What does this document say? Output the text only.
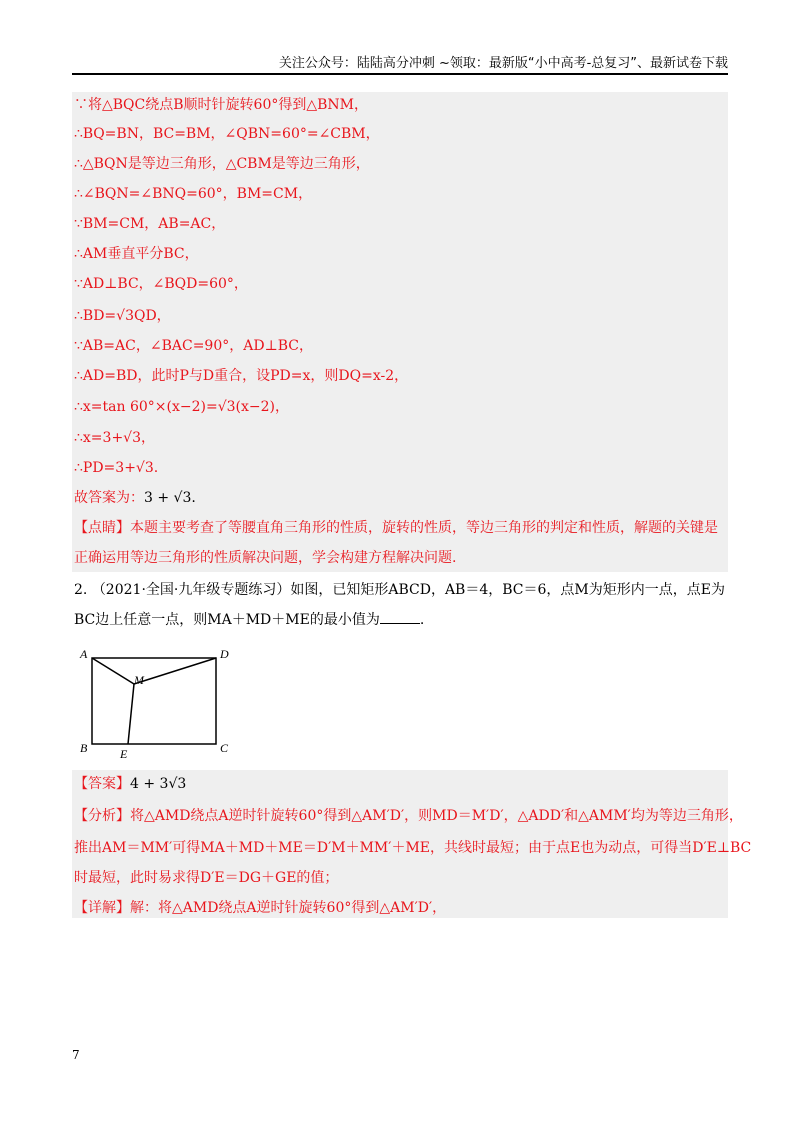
关注公众号：陆陆高分冲刺 ~领取：最新版“小中高考-总复习”、最新试卷下载
∵将△BQC绕点B顺时针旋转60°得到△BNM，
∴BQ=BN，BC=BM，∠QBN=60°=∠CBM，
∴△BQN是等边三角形，△CBM是等边三角形，
∴∠BQN=∠BNQ=60°，BM=CM，
∵BM=CM，AB=AC，
∴AM垂直平分BC，
∵AD⊥BC，∠BQD=60°，
∴BD=√3QD，
∵AB=AC，∠BAC=90°，AD⊥BC，
∴AD=BD，此时P与D重合，设PD=x，则DQ=x-2，
∴x=tan 60°×(x−2)=√3(x−2)，
∴x=3+√3，
∴PD=3+√3.
故答案为：3 + √3.
【点睛】本题主要考查了等腰直角三角形的性质，旋转的性质，等边三角形的判定和性质，解题的关键是
正确运用等边三角形的性质解决问题，学会构建方程解决问题.
2. （2021·全国·九年级专题练习）如图，已知矩形ABCD，AB＝4，BC＝6，点M为矩形内一点，点E为
BC边上任意一点，则MA＋MD＋ME的最小值为	.
A	D
M
B	C
E
【答案】4 + 3√3
【分析】将△AMD绕点A逆时针旋转60°得到△AM′D′，则MD＝M′D′，△ADD′和△AMM′均为等边三角形，
推出AM＝MM′可得MA＋MD＋ME＝D′M＋MM′＋ME，共线时最短；由于点E也为动点，可得当D′E⊥BC
时最短，此时易求得D′E＝DG＋GE的值；
【详解】解：将△AMD绕点A逆时针旋转60°得到△AM′D′，
7
